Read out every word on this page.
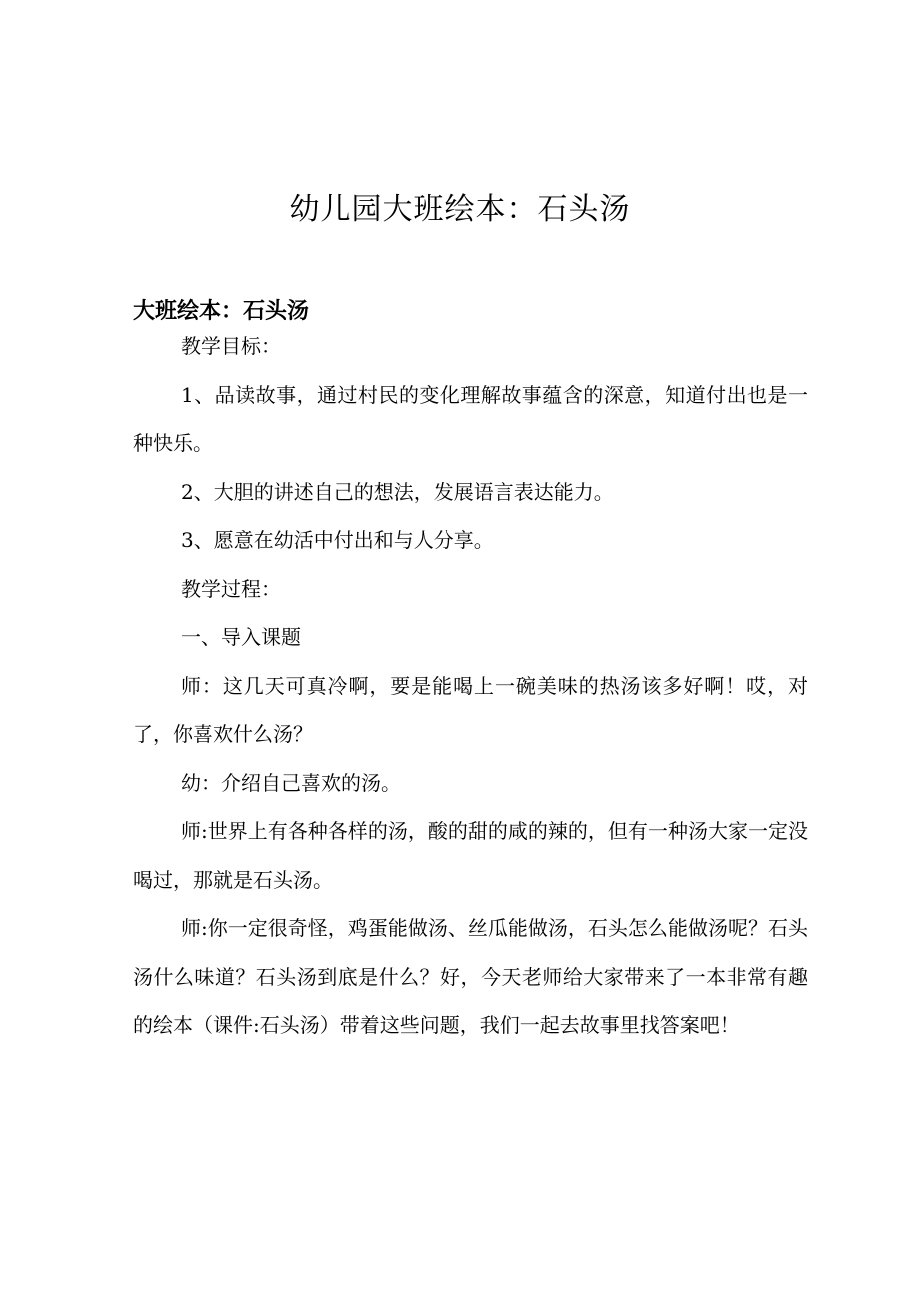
幼儿园大班绘本：石头汤
大班绘本：石头汤

教学目标：

1、品读故事，通过村民的变化理解故事蕴含的深意，知道付出也是一种快乐。

2、大胆的讲述自己的想法，发展语言表达能力。

3、愿意在幼活中付出和与人分享。

教学过程：

一、导入课题

师：这几天可真冷啊，要是能喝上一碗美味的热汤该多好啊！哎，对了，你喜欢什么汤？

幼：介绍自己喜欢的汤。

师:世界上有各种各样的汤，酸的甜的咸的辣的，但有一种汤大家一定没喝过，那就是石头汤。

师:你一定很奇怪，鸡蛋能做汤、丝瓜能做汤，石头怎么能做汤呢？石头汤什么味道？石头汤到底是什么？好，今天老师给大家带来了一本非常有趣的绘本（课件:石头汤）带着这些问题，我们一起去故事里找答案吧！
